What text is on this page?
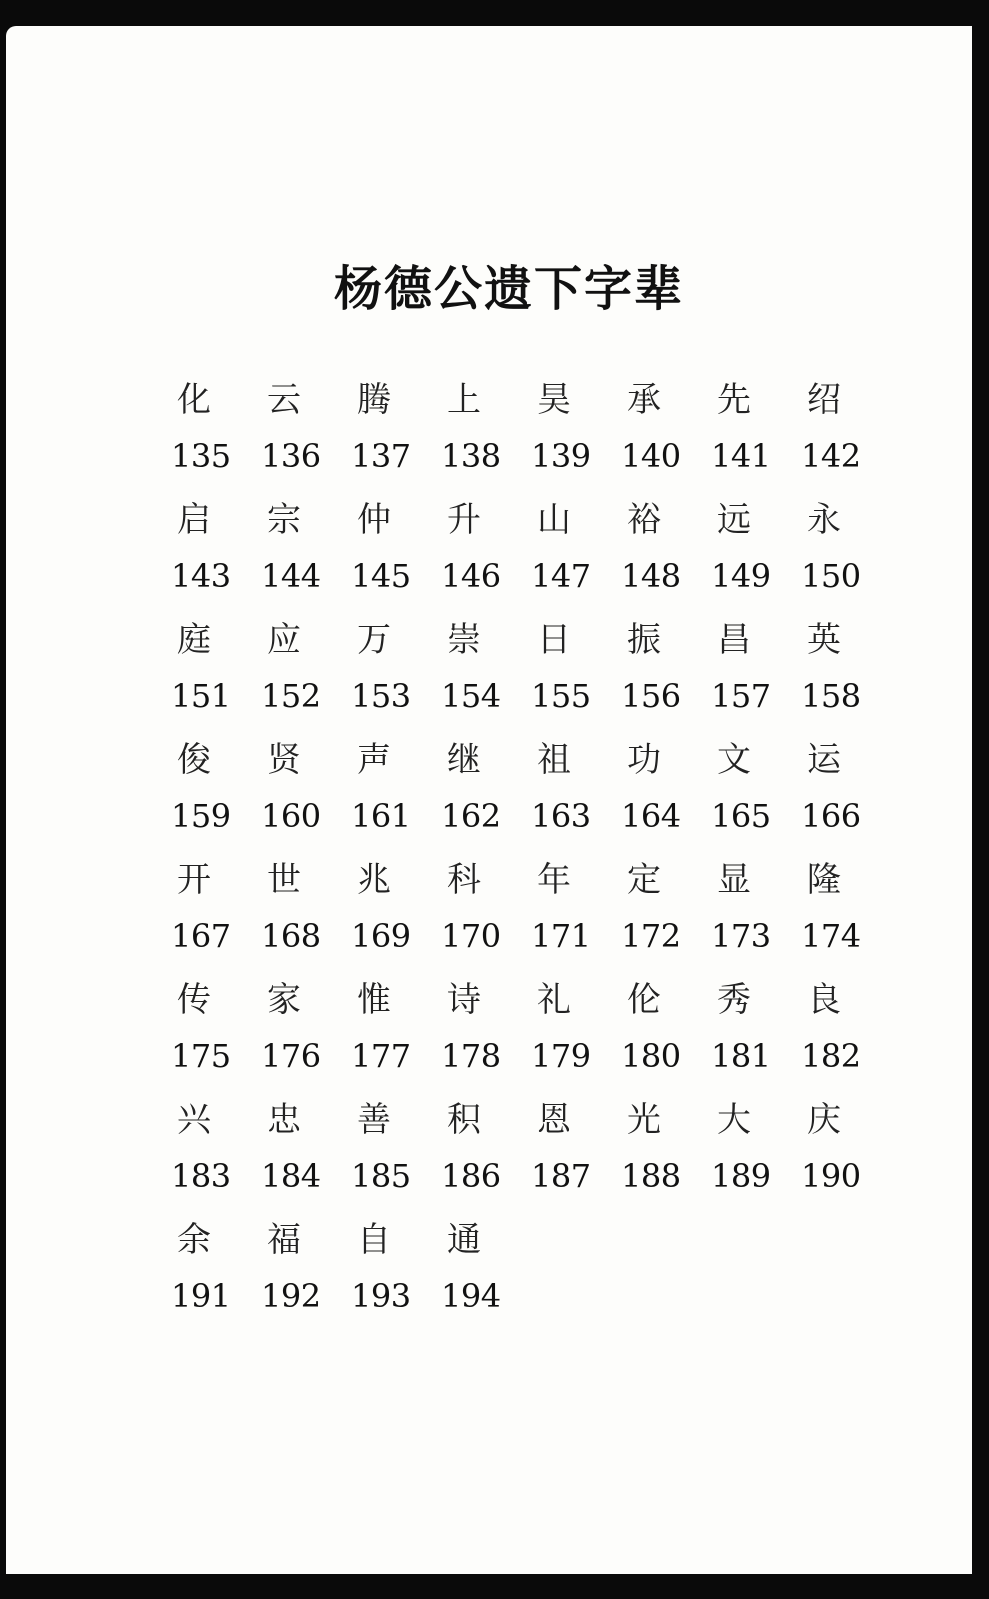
杨德公遗下字辈
化	云	腾	上	昊	承	先	绍
135 136 137 138 139 140 141 142
启	宗	仲	升	山	裕	远	永
143 144 145 146 147 148 149 150
庭	应	万	崇	日	振	昌	英
151 152 153 154 155 156 157 158
俊	贤	声	继	祖	功	文	运
159 160 161 162 163 164 165 166
开	世	兆	科	年	定	显	隆
167 168 169 170 171 172 173 174
传	家	惟	诗	礼	伦	秀	良
175 176 177 178 179 180 181 182
兴	忠	善	积	恩	光	大	庆
183 184 185 186 187 188 189 190
余	福	自	通
191 192 193 194
